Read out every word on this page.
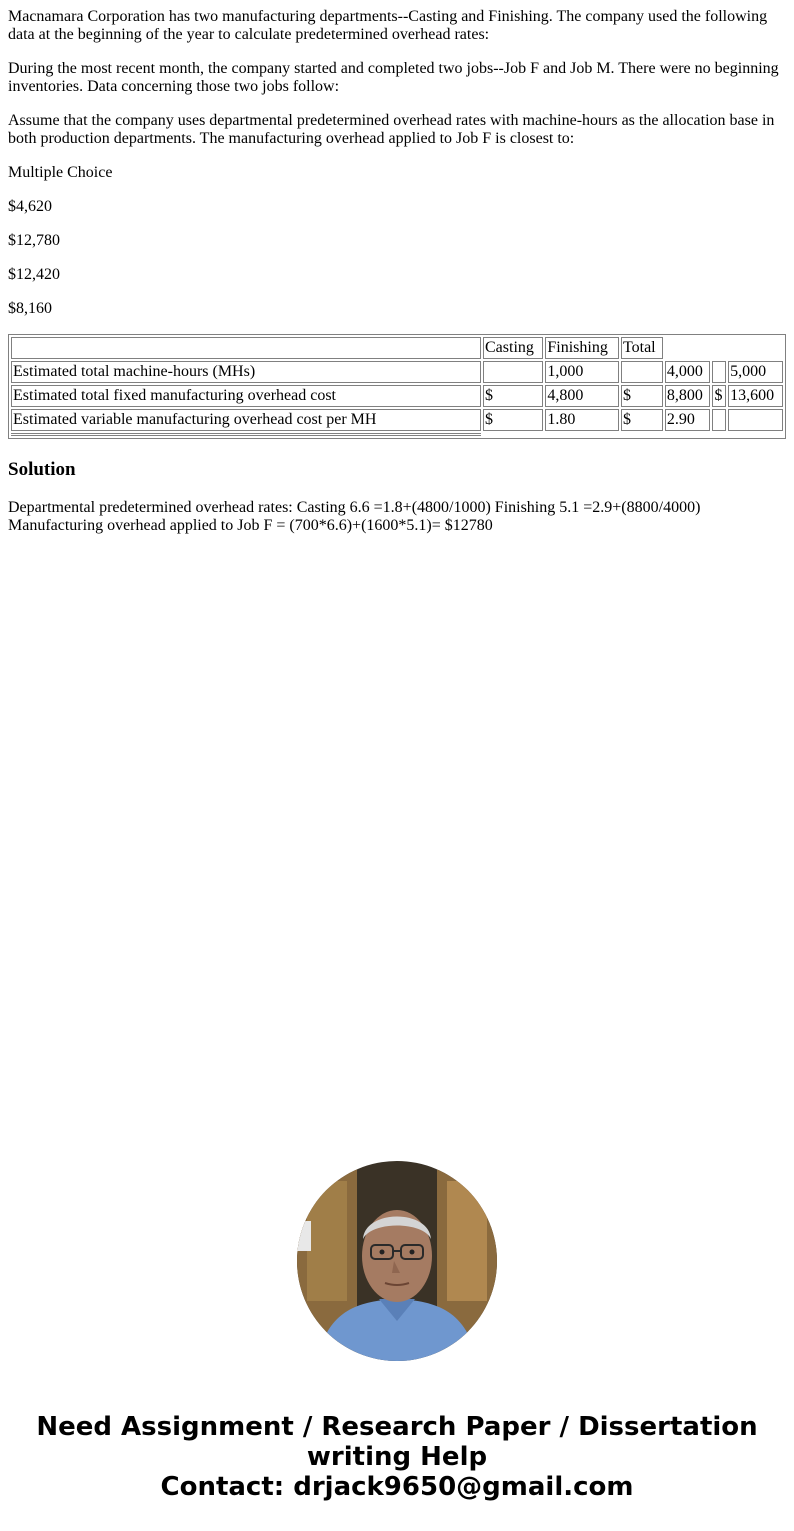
Macnamara Corporation has two manufacturing departments--Casting and Finishing. The company used the following data at the beginning of the year to calculate predetermined overhead rates:

During the most recent month, the company started and completed two jobs--Job F and Job M. There were no beginning inventories. Data concerning those two jobs follow:

Assume that the company uses departmental predetermined overhead rates with machine-hours as the allocation base in both production departments. The manufacturing overhead applied to Job F is closest to:

Multiple Choice

$4,620

$12,780

$12,420

$8,160

	Casting	Finishing	Total			
Estimated total machine-hours (MHs)		1,000		4,000		5,000
Estimated total fixed manufacturing overhead cost	$	4,800	$	8,800	$	13,600
Estimated variable manufacturing overhead cost per MH	$	1.80	$	2.90		

Solution
Departmental predetermined overhead rates: Casting 6.6 =1.8+(4800/1000) Finishing 5.1 =2.9+(8800/4000)
Manufacturing overhead applied to Job F = (700*6.6)+(1600*5.1)= $12780
Need Assignment / Research Paper / Dissertation
writing Help
Contact: drjack9650@gmail.com
